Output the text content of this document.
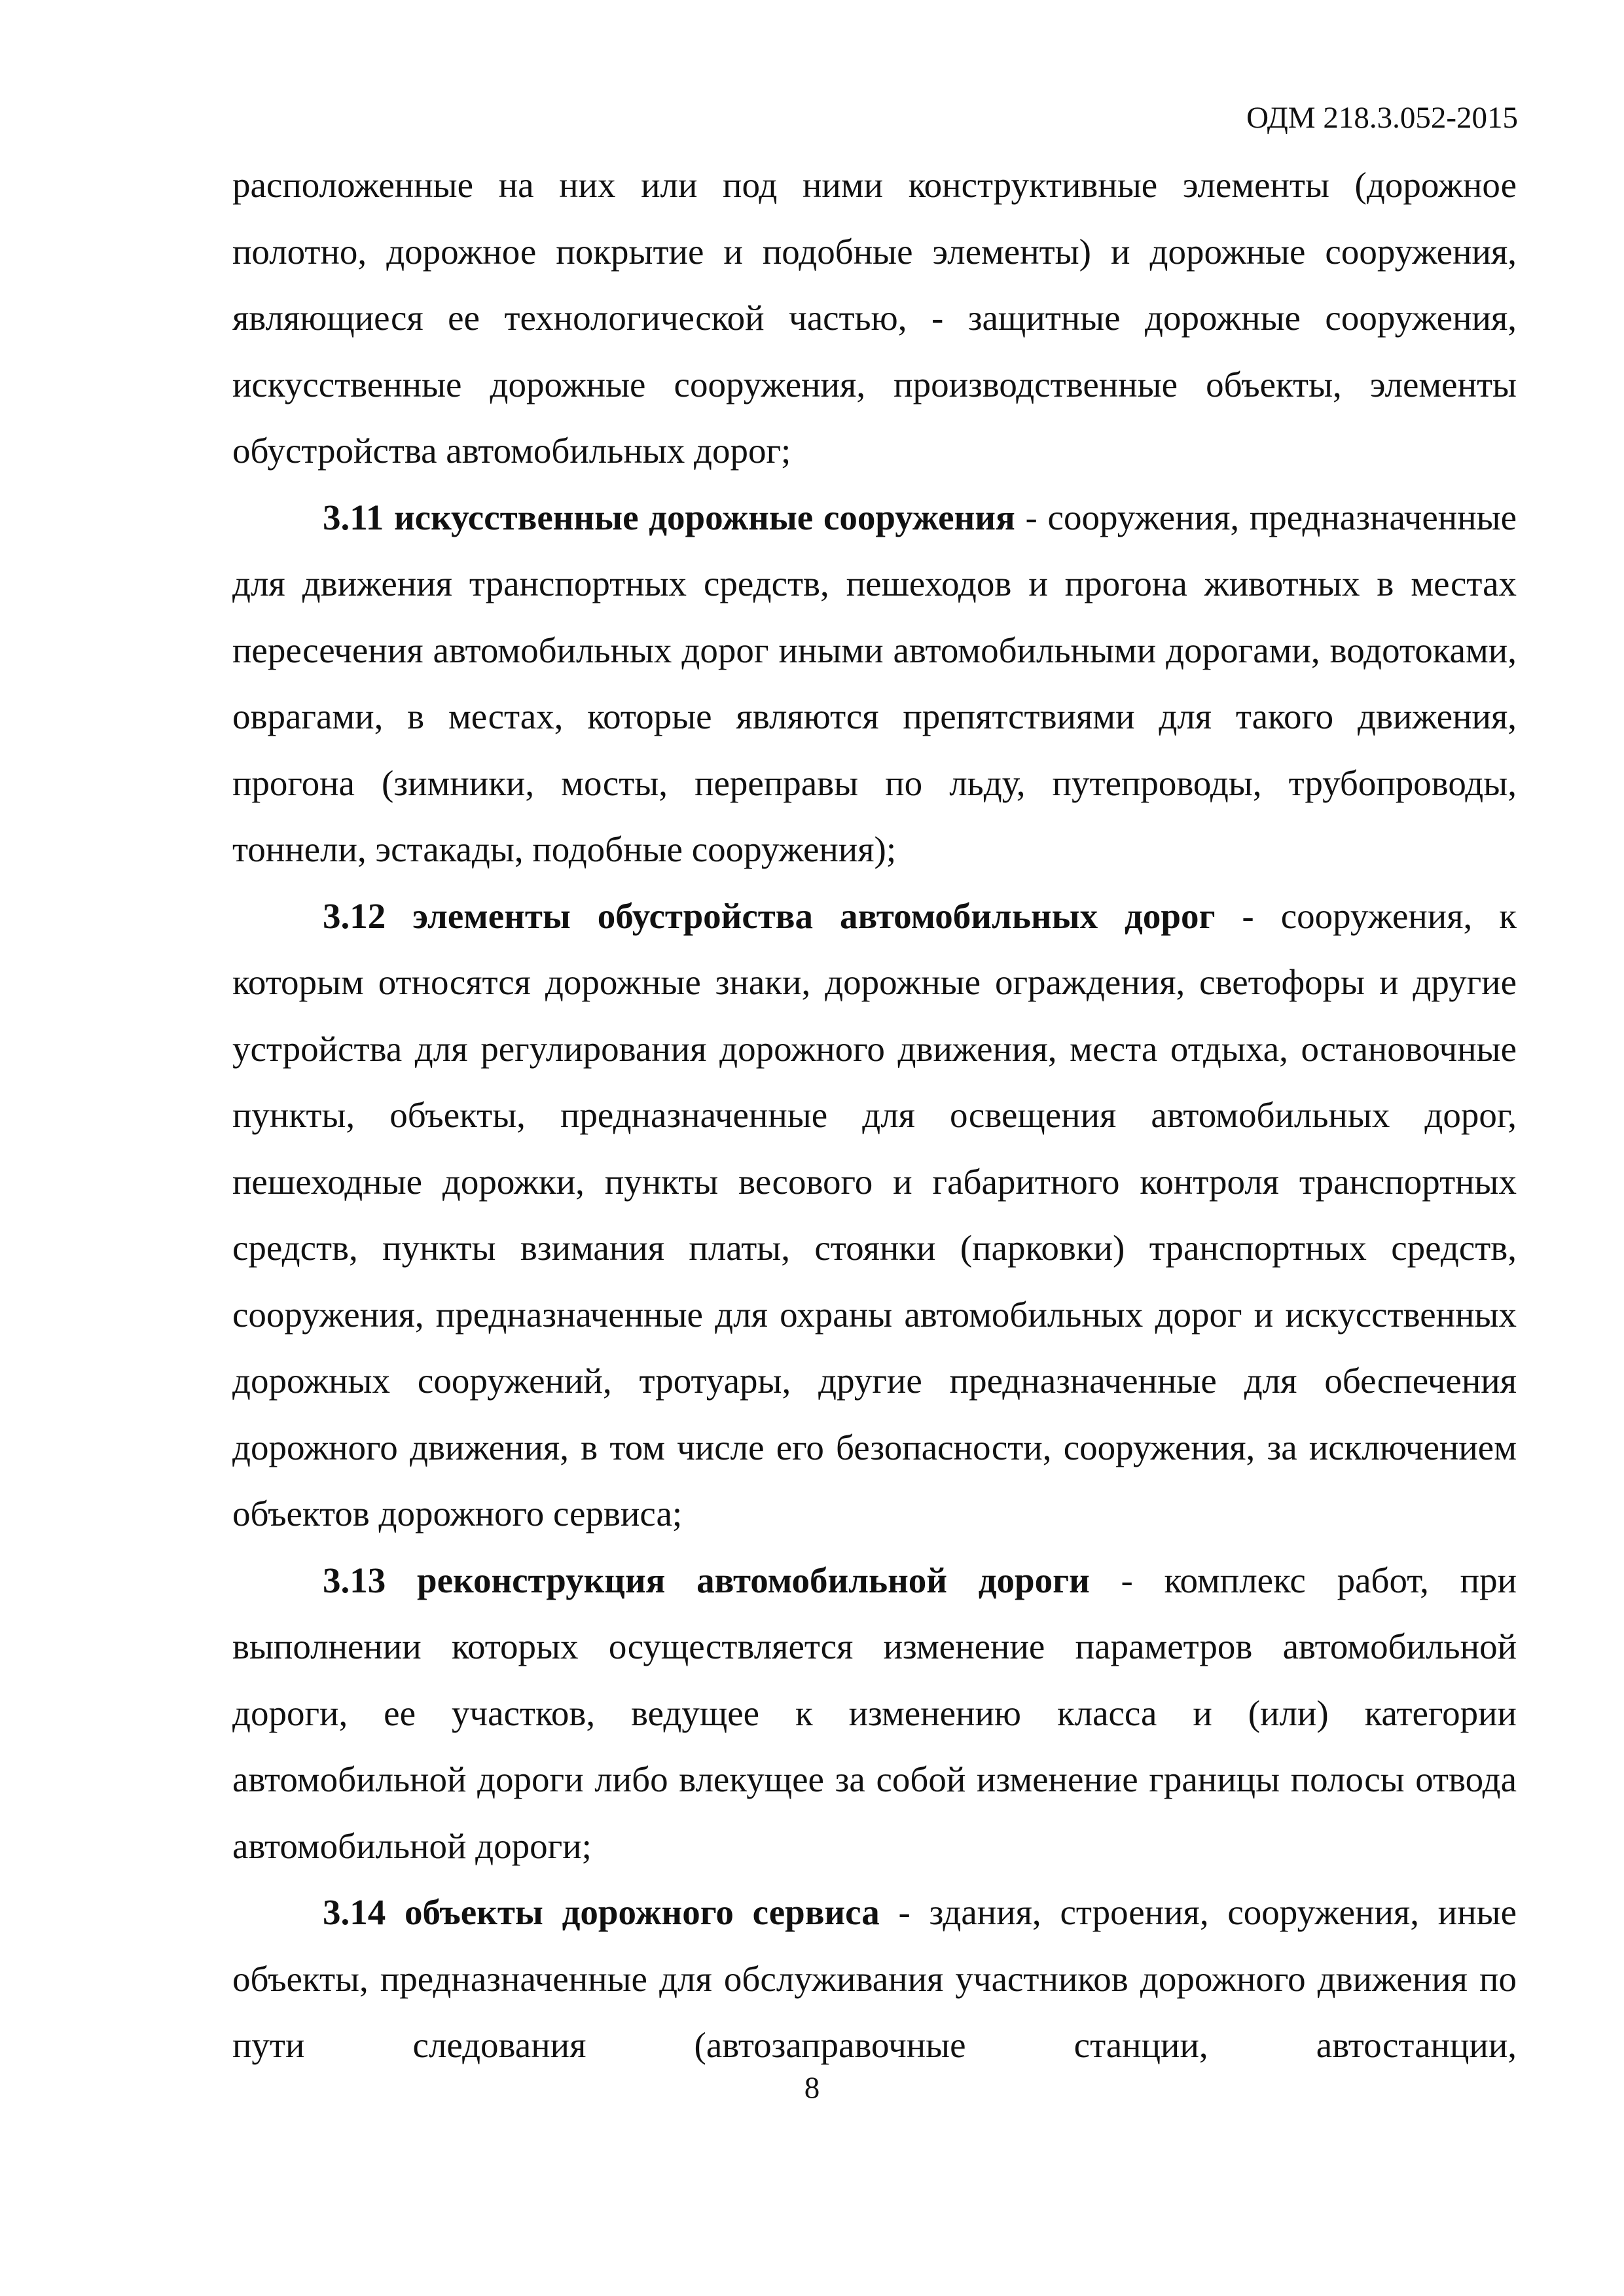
ОДМ 218.3.052-2015

расположенные на них или под ними конструктивные элементы (дорожное полотно, дорожное покрытие и подобные элементы) и дорожные сооружения, являющиеся ее технологической частью, - защитные дорожные сооружения, искусственные дорожные сооружения, производственные объекты, элементы обустройства автомобильных дорог;

3.11 искусственные дорожные сооружения - сооружения, предназначенные для движения транспортных средств, пешеходов и прогона животных в местах пересечения автомобильных дорог иными автомобильными дорогами, водотоками, оврагами, в местах, которые являются препятствиями для такого движения, прогона (зимники, мосты, переправы по льду, путепроводы, трубопроводы, тоннели, эстакады, подобные сооружения);

3.12 элементы обустройства автомобильных дорог - сооружения, к которым относятся дорожные знаки, дорожные ограждения, светофоры и другие устройства для регулирования дорожного движения, места отдыха, остановочные пункты, объекты, предназначенные для освещения автомобильных дорог, пешеходные дорожки, пункты весового и габаритного контроля транспортных средств, пункты взимания платы, стоянки (парковки) транспортных средств, сооружения, предназначенные для охраны автомобильных дорог и искусственных дорожных сооружений, тротуары, другие предназначенные для обеспечения дорожного движения, в том числе его безопасности, сооружения, за исключением объектов дорожного сервиса;

3.13 реконструкция автомобильной дороги - комплекс работ, при выполнении которых осуществляется изменение параметров автомобильной дороги, ее участков, ведущее к изменению класса и (или) категории автомобильной дороги либо влекущее за собой изменение границы полосы отвода автомобильной дороги;

3.14 объекты дорожного сервиса - здания, строения, сооружения, иные объекты, предназначенные для обслуживания участников дорожного движения по пути следования (автозаправочные станции, автостанции,

8
